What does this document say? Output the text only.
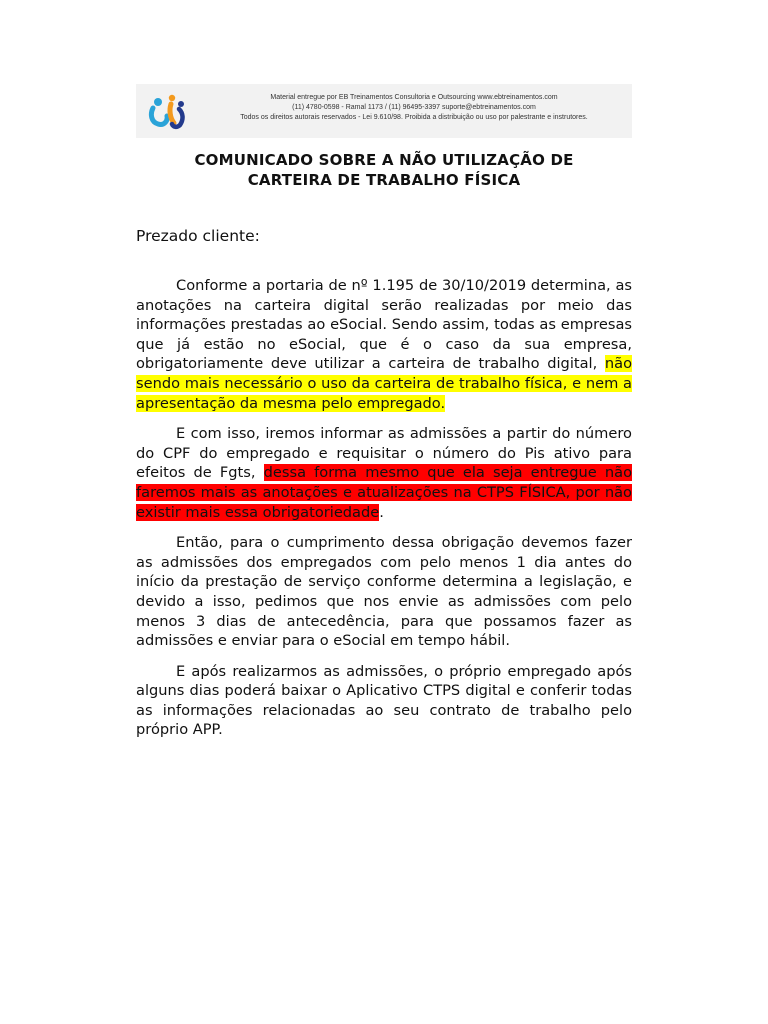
Material entregue por EB Treinamentos Consultoria e Outsourcing www.ebtreinamentos.com
(11) 4780-0598 - Ramal 1173 / (11) 96495-3397 suporte@ebtreinamentos.com
Todos os direitos autorais reservados - Lei 9.610/98. Proibida a distribuição ou uso por palestrante e instrutores.
COMUNICADO SOBRE A NÃO UTILIZAÇÃO DE
CARTEIRA DE TRABALHO FÍSICA
Prezado cliente:

Conforme a portaria de nº 1.195 de 30/10/2019 determina, as anotações na carteira digital serão realizadas por meio das informações prestadas ao eSocial. Sendo assim, todas as empresas que já estão no eSocial, que é o caso da sua empresa, obrigatoriamente deve utilizar a carteira de trabalho digital, não sendo mais necessário o uso da carteira de trabalho física, e nem a apresentação da mesma pelo empregado.

E com isso, iremos informar as admissões a partir do número do CPF do empregado e requisitar o número do Pis ativo para efeitos de Fgts, dessa forma mesmo que ela seja entregue não faremos mais as anotações e atualizações na CTPS FÍSICA, por não existir mais essa obrigatoriedade.

Então, para o cumprimento dessa obrigação devemos fazer as admissões dos empregados com pelo menos 1 dia antes do início da prestação de serviço conforme determina a legislação, e devido a isso, pedimos que nos envie as admissões com pelo menos 3 dias de antecedência, para que possamos fazer as admissões e enviar para o eSocial em tempo hábil.

E após realizarmos as admissões, o próprio empregado após alguns dias poderá baixar o Aplicativo CTPS digital e conferir todas as informações relacionadas ao seu contrato de trabalho pelo próprio APP.
